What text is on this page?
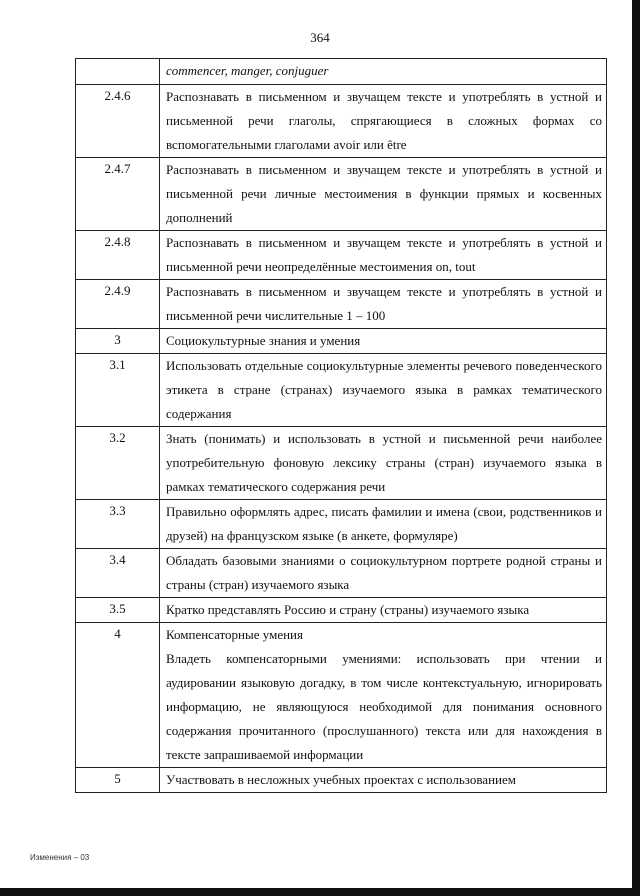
364
	commencer, manger, conjuguer
2.4.6	Распознавать в письменном и звучащем тексте и употреблять в устной и письменной речи глаголы, спрягающиеся в сложных формах со вспомогательными глаголами avoir или être
2.4.7	Распознавать в письменном и звучащем тексте и употреблять в устной и письменной речи личные местоимения в функции прямых и косвенных дополнений
2.4.8	Распознавать в письменном и звучащем тексте и употреблять в устной и письменной речи неопределённые местоимения on, tout
2.4.9	Распознавать в письменном и звучащем тексте и употреблять в устной и письменной речи числительные 1 – 100
3	Социокультурные знания и умения
3.1	Использовать отдельные социокультурные элементы речевого поведенческого этикета в стране (странах) изучаемого языка в рамках тематического содержания
3.2	Знать (понимать) и использовать в устной и письменной речи наиболее употребительную фоновую лексику страны (стран) изучаемого языка в рамках тематического содержания речи
3.3	Правильно оформлять адрес, писать фамилии и имена (свои, родственников и друзей) на французском языке (в анкете, формуляре)
3.4	Обладать базовыми знаниями о социокультурном портрете родной страны и страны (стран) изучаемого языка
3.5	Кратко представлять Россию и страну (страны) изучаемого языка
4	Компенсаторные умения
Владеть компенсаторными умениями: использовать при чтении и аудировании языковую догадку, в том числе контекстуальную, игнорировать информацию, не являющуюся необходимой для понимания основного содержания прочитанного (прослушанного) текста или для нахождения в тексте запрашиваемой информации

5	Участвовать в несложных учебных проектах с использованием
Изменения – 03
